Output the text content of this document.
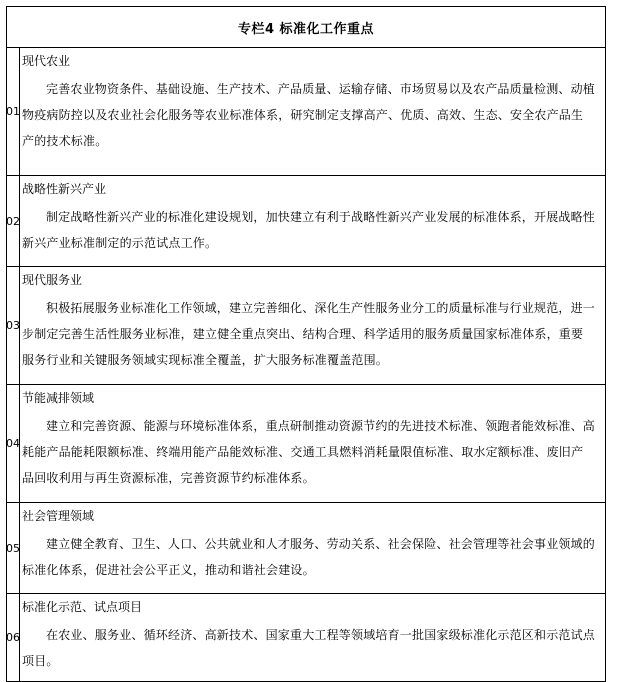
专栏4 标准化工作重点
01
现代农业
完善农业物资条件、基础设施、生产技术、产品质量、运输存储、市场贸易以及农产品质量检测、动植物疫病防控以及农业社会化服务等农业标准体系，研究制定支撑高产、优质、高效、生态、安全农产品生产的技术标准。
02
战略性新兴产业
制定战略性新兴产业的标准化建设规划，加快建立有利于战略性新兴产业发展的标准体系，开展战略性新兴产业标准制定的示范试点工作。
03
现代服务业
积极拓展服务业标准化工作领域，建立完善细化、深化生产性服务业分工的质量标准与行业规范，进一步制定完善生活性服务业标准，建立健全重点突出、结构合理、科学适用的服务质量国家标准体系，重要服务行业和关键服务领域实现标准全覆盖，扩大服务标准覆盖范围。
04
节能减排领域
建立和完善资源、能源与环境标准体系，重点研制推动资源节约的先进技术标准、领跑者能效标准、高耗能产品能耗限额标准、终端用能产品能效标准、交通工具燃料消耗量限值标准、取水定额标准、废旧产品回收利用与再生资源标准，完善资源节约标准体系。
05
社会管理领域
建立健全教育、卫生、人口、公共就业和人才服务、劳动关系、社会保险、社会管理等社会事业领域的标准化体系，促进社会公平正义，推动和谐社会建设。
06
标准化示范、试点项目
在农业、服务业、循环经济、高新技术、国家重大工程等领域培育一批国家级标准化示范区和示范试点项目。
